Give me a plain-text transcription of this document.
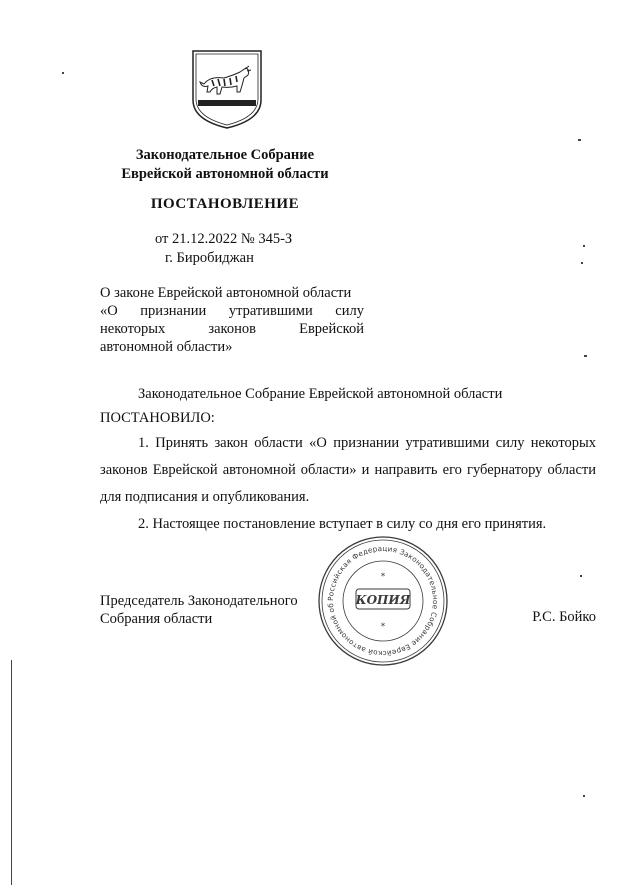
Законодательное Собрание
Еврейской автономной области
ПОСТАНОВЛЕНИЕ
от 21.12.2022 № 345-З
г. Биробиджан
О законе Еврейской автономной области
«О признании утратившими силу
некоторых законов Еврейской
автономной области»

Законодательное Собрание Еврейской автономной области

ПОСТАНОВИЛО:

1. Принять закон области «О признании утратившими силу некоторых законов Еврейской автономной области» и направить его губернатору области для подписания и опубликования.

2. Настоящее постановление вступает в силу со дня его принятия.

Российская Федерация Законодательное Собрание Еврейской автономной об	КОПИЯ
*
*
Председатель Законодательного
Собрания области	Р.С. Бойко
